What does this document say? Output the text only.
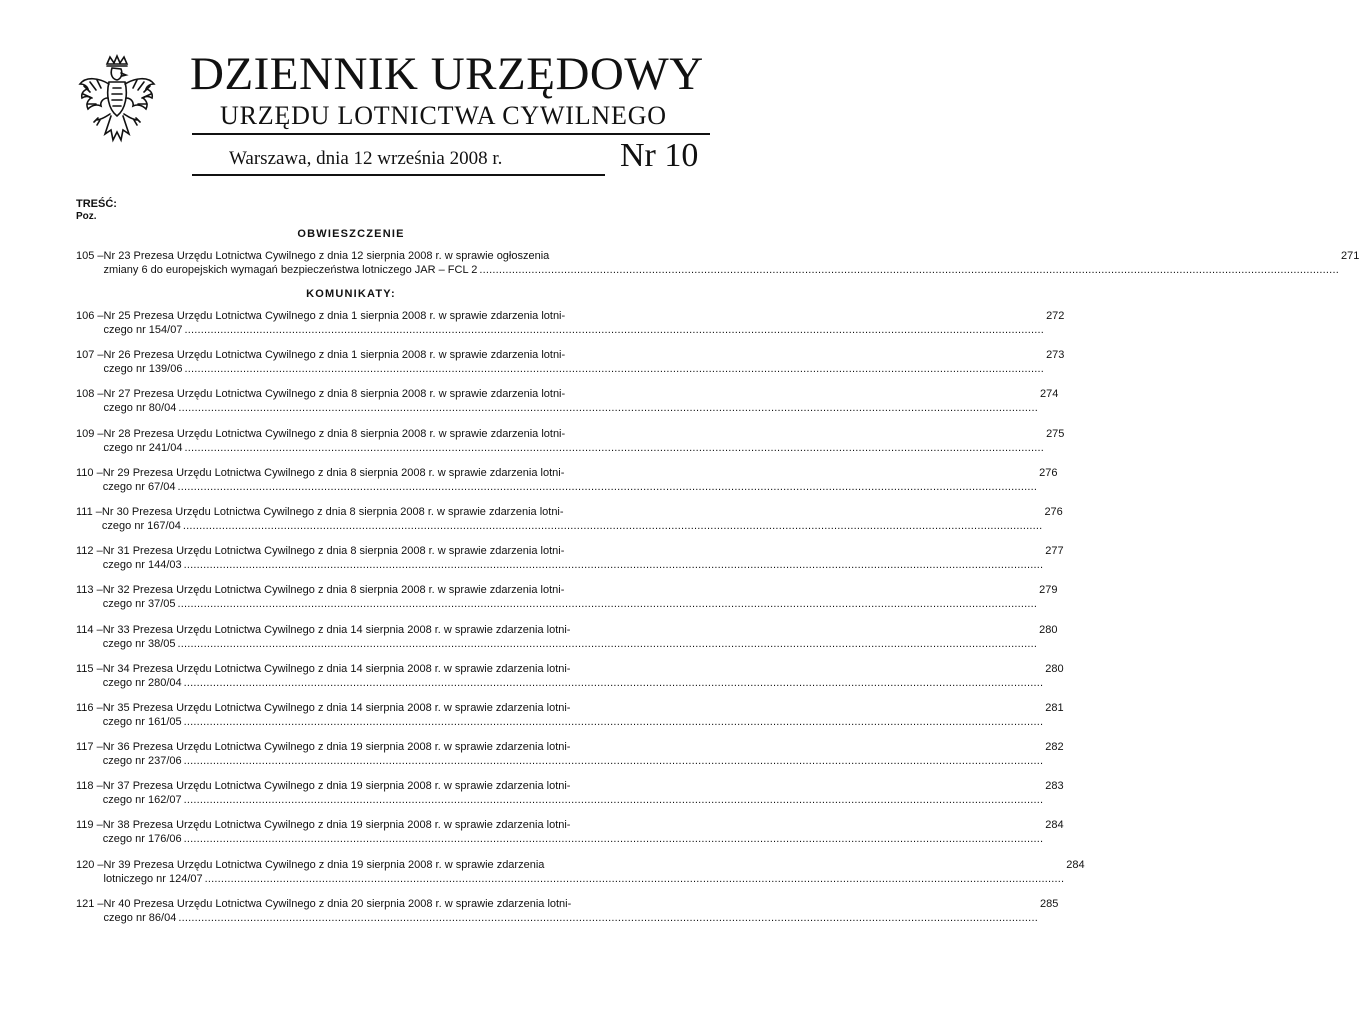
DZIENNIK URZĘDOWY
URZĘDU LOTNICTWA CYWILNEGO
Warszawa, dnia 12 września 2008 r.	Nr 10
TREŚĆ:
Poz.
OBWIESZCZENIE
105 – Nr 23 Prezesa Urzędu Lotnictwa Cywilnego z dnia 12 sierpnia 2008 r. w sprawie ogłoszenia
zmiany 6 do europejskich wymagań bezpieczeństwa lotniczego JAR – FCL 2
.....
271
KOMUNIKATY:
106 – Nr 25 Prezesa Urzędu Lotnictwa Cywilnego z dnia 1 sierpnia 2008 r. w sprawie zdarzenia lotni-
czego nr 154/07
.....
272
107 – Nr 26 Prezesa Urzędu Lotnictwa Cywilnego z dnia 1 sierpnia 2008 r. w sprawie zdarzenia lotni-
czego nr 139/06
.....
273
108 – Nr 27 Prezesa Urzędu Lotnictwa Cywilnego z dnia 8 sierpnia 2008 r. w sprawie zdarzenia lotni-
czego nr 80/04
.....
274
109 – Nr 28 Prezesa Urzędu Lotnictwa Cywilnego z dnia 8 sierpnia 2008 r. w sprawie zdarzenia lotni-
czego nr 241/04
.....
275
110 – Nr 29 Prezesa Urzędu Lotnictwa Cywilnego z dnia 8 sierpnia 2008 r. w sprawie zdarzenia lotni-
czego nr 67/04
.....
276
111 – Nr 30 Prezesa Urzędu Lotnictwa Cywilnego z dnia 8 sierpnia 2008 r. w sprawie zdarzenia lotni-
czego nr 167/04
.....
276
112 – Nr 31 Prezesa Urzędu Lotnictwa Cywilnego z dnia 8 sierpnia 2008 r. w sprawie zdarzenia lotni-
czego nr 144/03
.....
277
113 – Nr 32 Prezesa Urzędu Lotnictwa Cywilnego z dnia 8 sierpnia 2008 r. w sprawie zdarzenia lotni-
czego nr 37/05
.....
279
114 – Nr 33 Prezesa Urzędu Lotnictwa Cywilnego z dnia 14 sierpnia 2008 r. w sprawie zdarzenia lotni-
czego nr 38/05
.....
280
115 – Nr 34 Prezesa Urzędu Lotnictwa Cywilnego z dnia 14 sierpnia 2008 r. w sprawie zdarzenia lotni-
czego nr 280/04
.....
280
116 – Nr 35 Prezesa Urzędu Lotnictwa Cywilnego z dnia 14 sierpnia 2008 r. w sprawie zdarzenia lotni-
czego nr 161/05
.....
281
117 – Nr 36 Prezesa Urzędu Lotnictwa Cywilnego z dnia 19 sierpnia 2008 r. w sprawie zdarzenia lotni-
czego nr 237/06
.....
282
118 – Nr 37 Prezesa Urzędu Lotnictwa Cywilnego z dnia 19 sierpnia 2008 r. w sprawie zdarzenia lotni-
czego nr 162/07
.....
283
119 – Nr 38 Prezesa Urzędu Lotnictwa Cywilnego z dnia 19 sierpnia 2008 r. w sprawie zdarzenia lotni-
czego nr 176/06
.....
284
120 – Nr 39 Prezesa Urzędu Lotnictwa Cywilnego z dnia 19 sierpnia 2008 r. w sprawie zdarzenia
lotniczego nr 124/07
.....
284
121 – Nr 40 Prezesa Urzędu Lotnictwa Cywilnego z dnia 20 sierpnia 2008 r. w sprawie zdarzenia lotni-
czego nr 86/04
.....
285
